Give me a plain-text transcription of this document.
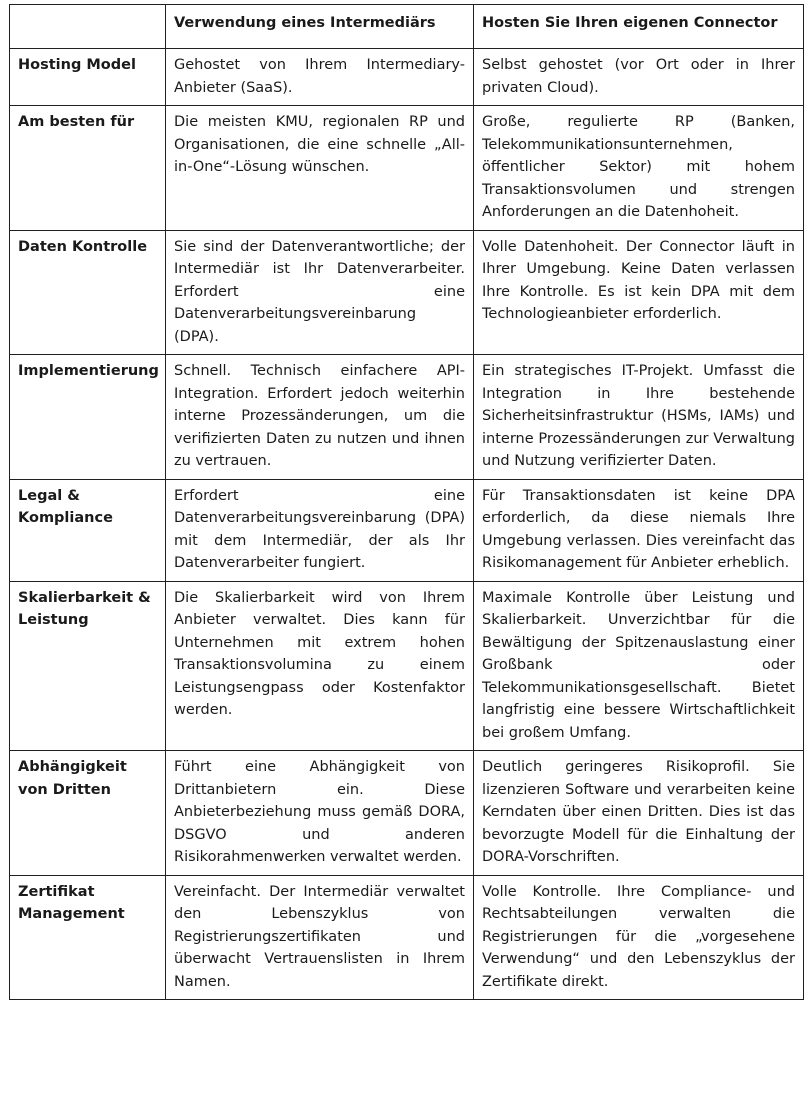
	Verwendung eines Intermediärs	Hosten Sie Ihren eigenen Connector
Hosting Model	Gehostet von Ihrem Intermediary-Anbieter (SaaS).	Selbst gehostet (vor Ort oder in Ihrer privaten Cloud).
Am besten für	Die meisten KMU, regionalen RP und Organisationen, die eine schnelle „All-in-One“-Lösung wünschen.	Große, regulierte RP (Banken, Telekommunikationsunternehmen, öffentlicher Sektor) mit hohem Transaktionsvolumen und strengen Anforderungen an die Datenhoheit.
Daten Kontrolle	Sie sind der Datenverantwortliche; der Intermediär ist Ihr Datenverarbeiter. Erfordert eine Datenverarbeitungsvereinbarung (DPA).	Volle Datenhoheit. Der Connector läuft in Ihrer Umgebung. Keine Daten verlassen Ihre Kontrolle. Es ist kein DPA mit dem Technologieanbieter erforderlich.
Implementierung	Schnell. Technisch einfachere API-Integration. Erfordert jedoch weiterhin interne Prozessänderungen, um die verifizierten Daten zu nutzen und ihnen zu vertrauen.	Ein strategisches IT-Projekt. Umfasst die Integration in Ihre bestehende Sicherheitsinfrastruktur (HSMs, IAMs) und interne Prozessänderungen zur Verwaltung und Nutzung verifizierter Daten.
Legal & Kompliance	Erfordert eine Datenverarbeitungsvereinbarung (DPA) mit dem Intermediär, der als Ihr Datenverarbeiter fungiert.	Für Transaktionsdaten ist keine DPA erforderlich, da diese niemals Ihre Umgebung verlassen. Dies vereinfacht das Risikomanagement für Anbieter erheblich.
Skalierbarkeit & Leistung	Die Skalierbarkeit wird von Ihrem Anbieter verwaltet. Dies kann für Unternehmen mit extrem hohen Transaktionsvolumina zu einem Leistungsengpass oder Kostenfaktor werden.	Maximale Kontrolle über Leistung und Skalierbarkeit. Unverzichtbar für die Bewältigung der Spitzenauslastung einer Großbank oder Telekommunikationsgesellschaft. Bietet langfristig eine bessere Wirtschaftlichkeit bei großem Umfang.
Abhängigkeit von Dritten	Führt eine Abhängigkeit von Drittanbietern ein. Diese Anbieterbeziehung muss gemäß DORA, DSGVO und anderen Risikorahmenwerken verwaltet werden.	Deutlich geringeres Risikoprofil. Sie lizenzieren Software und verarbeiten keine Kerndaten über einen Dritten. Dies ist das bevorzugte Modell für die Einhaltung der DORA-Vorschriften.
Zertifikat Management	Vereinfacht. Der Intermediär verwaltet den Lebenszyklus von Registrierungszertifikaten und überwacht Vertrauenslisten in Ihrem Namen.	Volle Kontrolle. Ihre Compliance- und Rechtsabteilungen verwalten die Registrierungen für die „vorgesehene Verwendung“ und den Lebenszyklus der Zertifikate direkt.
